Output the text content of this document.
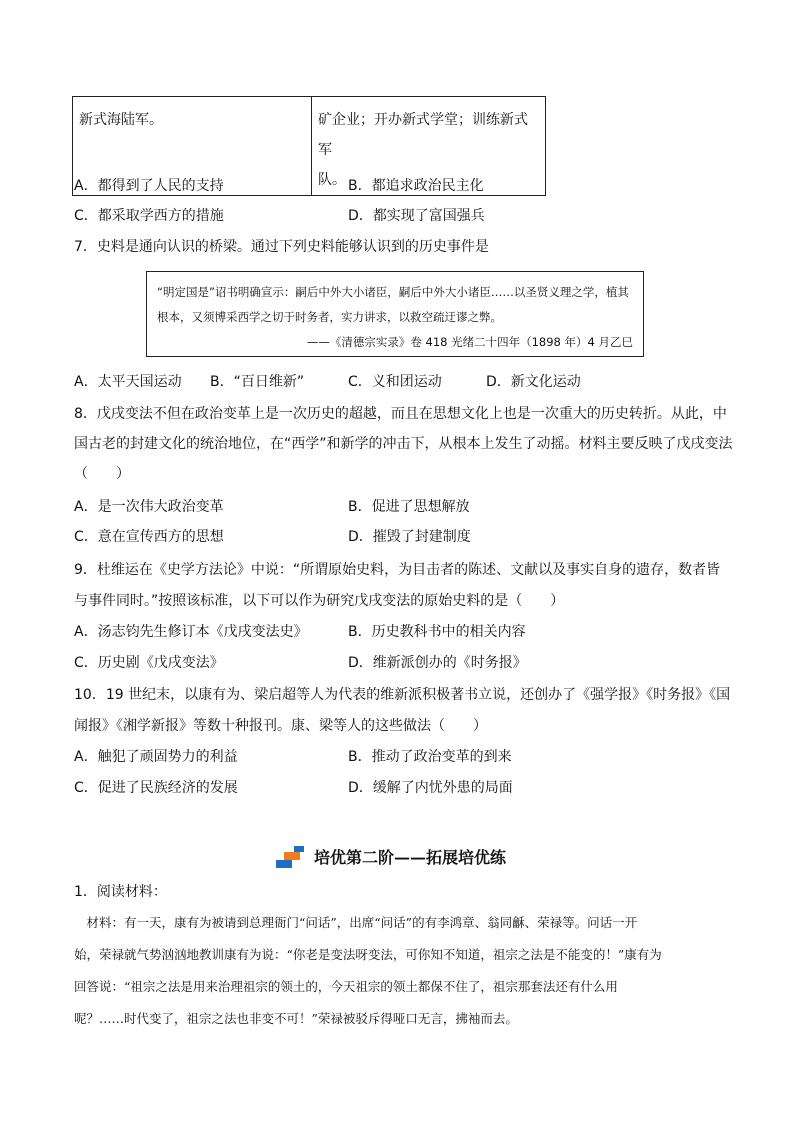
新式海陆军。	矿企业；开办新式学堂；训练新式军
队。
A．都得到了人民的支持	B．都追求政治民主化
C．都采取学西方的措施	D．都实现了富国强兵
7．史料是通向认识的桥梁。通过下列史料能够认识到的历史事件是
“明定国是”诏书明确宣示：嗣后中外大小诸臣，嗣后中外大小诸臣……以圣贤义理之学，植其
根本，又须博采西学之切于时务者，实力讲求，以救空疏迂谬之弊。
——《清德宗实录》卷 418 光绪二十四年（1898 年）4 月乙巳
A．太平天国运动 B．“百日维新”	C．义和团运动	D．新文化运动
8．戊戌变法不但在政治变革上是一次历史的超越，而且在思想文化上也是一次重大的历史转折。从此，中
国古老的封建文化的统治地位，在“西学”和新学的冲击下，从根本上发生了动摇。材料主要反映了戊戌变法
（　　）
A．是一次伟大政治变革	B．促进了思想解放
C．意在宣传西方的思想	D．摧毁了封建制度
9．杜维运在《史学方法论》中说：“所谓原始史料，为目击者的陈述、文献以及事实自身的遗存，数者皆
与事件同时。”按照该标准，以下可以作为研究戊戌变法的原始史料的是（　　）
A．汤志钧先生修订本《戊戌变法史》	B．历史教科书中的相关内容
C．历史剧《戊戌变法》	D．维新派创办的《时务报》
10．19 世纪末，以康有为、梁启超等人为代表的维新派积极著书立说，还创办了《强学报》《时务报》《国
闻报》《湘学新报》等数十种报刊。康、梁等人的这些做法（　　）
A．触犯了顽固势力的利益	B．推动了政治变革的到来
C．促进了民族经济的发展	D．缓解了内忧外患的局面
培优第二阶——拓展培优练
1．阅读材料：
　材料：有一天，康有为被请到总理衙门“问话”，出席“问话”的有李鸿章、翁同龢、荣禄等。问话一开
始，荣禄就气势汹汹地教训康有为说：“你老是变法呀变法，可你知不知道，祖宗之法是不能变的！”康有为
回答说：“祖宗之法是用来治理祖宗的领土的，今天祖宗的领土都保不住了，祖宗那套法还有什么用
呢？……时代变了，祖宗之法也非变不可！”荣禄被驳斥得哑口无言，拂袖而去。
